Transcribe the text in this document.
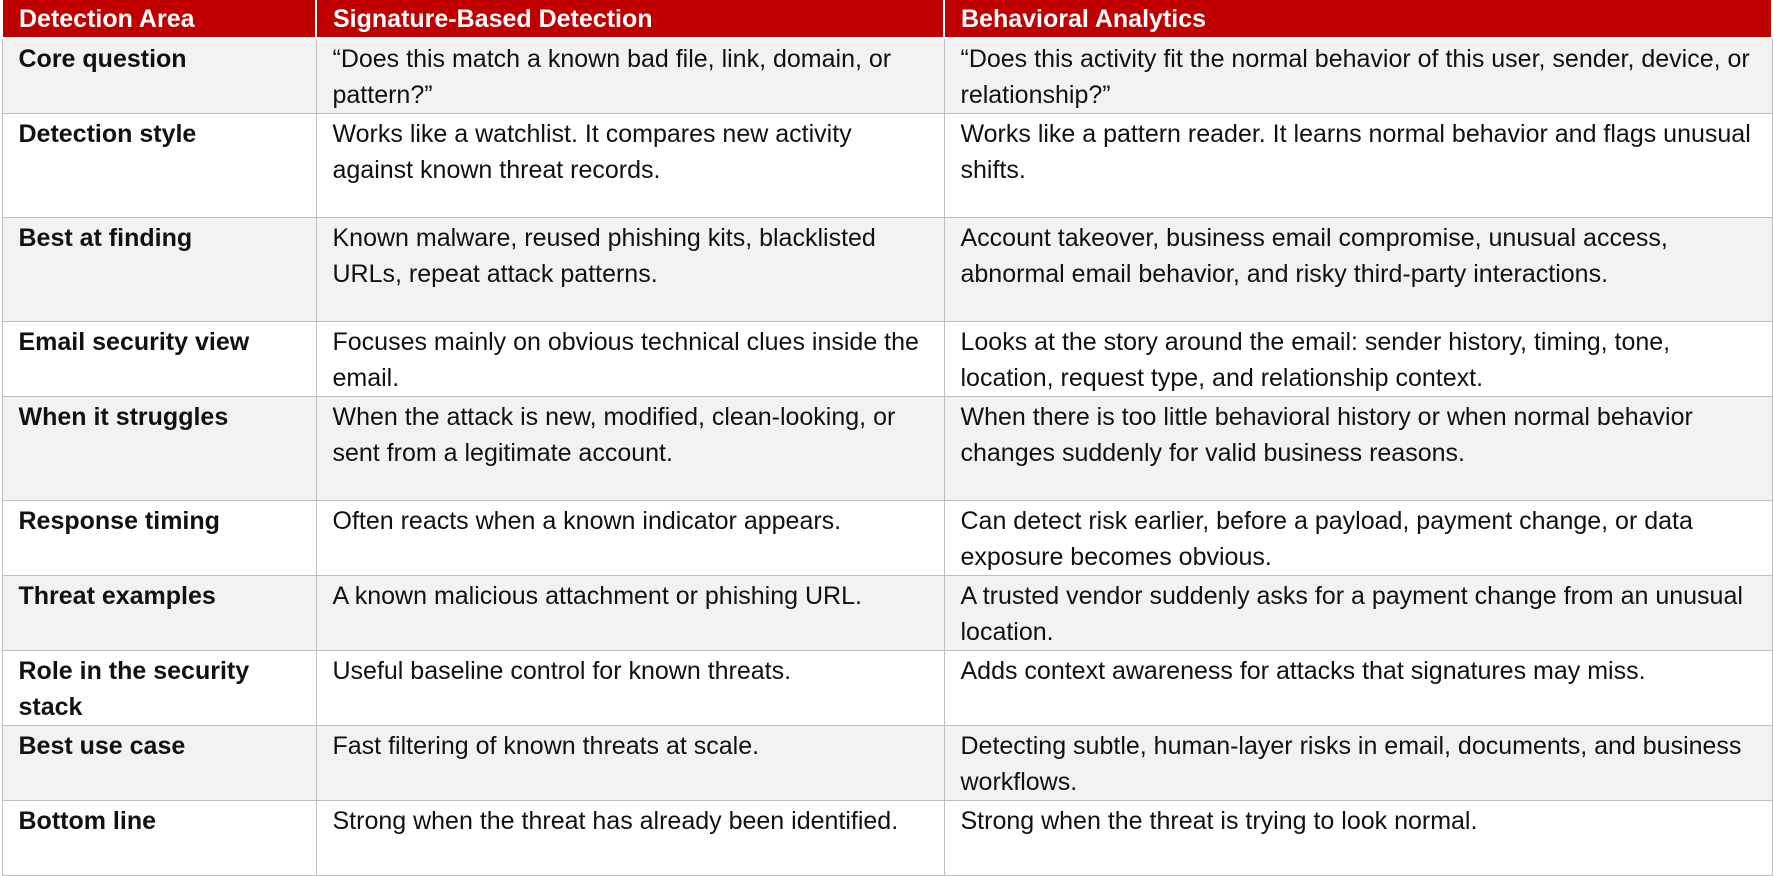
Detection Area	Signature-Based Detection	Behavioral Analytics

Core question	“Does this match a known bad file, link, domain, or pattern?”	“Does this activity fit the normal behavior of this user, sender, device, or relationship?”

Detection style	Works like a watchlist. It compares new activity against known threat records.	Works like a pattern reader. It learns normal behavior and flags unusual shifts.

Best at finding	Known malware, reused phishing kits, blacklisted URLs, repeat attack patterns.	Account takeover, business email compromise, unusual access, abnormal email behavior, and risky third-party interactions.

Email security view	Focuses mainly on obvious technical clues inside the email.	Looks at the story around the email: sender history, timing, tone, location, request type, and relationship context.

When it struggles	When the attack is new, modified, clean-looking, or sent from a legitimate account.	When there is too little behavioral history or when normal behavior changes suddenly for valid business reasons.

Response timing	Often reacts when a known indicator appears.	Can detect risk earlier, before a payload, payment change, or data exposure becomes obvious.

Threat examples	A known malicious attachment or phishing URL.	A trusted vendor suddenly asks for a payment change from an unusual location.

Role in the security stack	Useful baseline control for known threats.	Adds context awareness for attacks that signatures may miss.

Best use case	Fast filtering of known threats at scale.	Detecting subtle, human-layer risks in email, documents, and business workflows.

Bottom line	Strong when the threat has already been identified.	Strong when the threat is trying to look normal.
